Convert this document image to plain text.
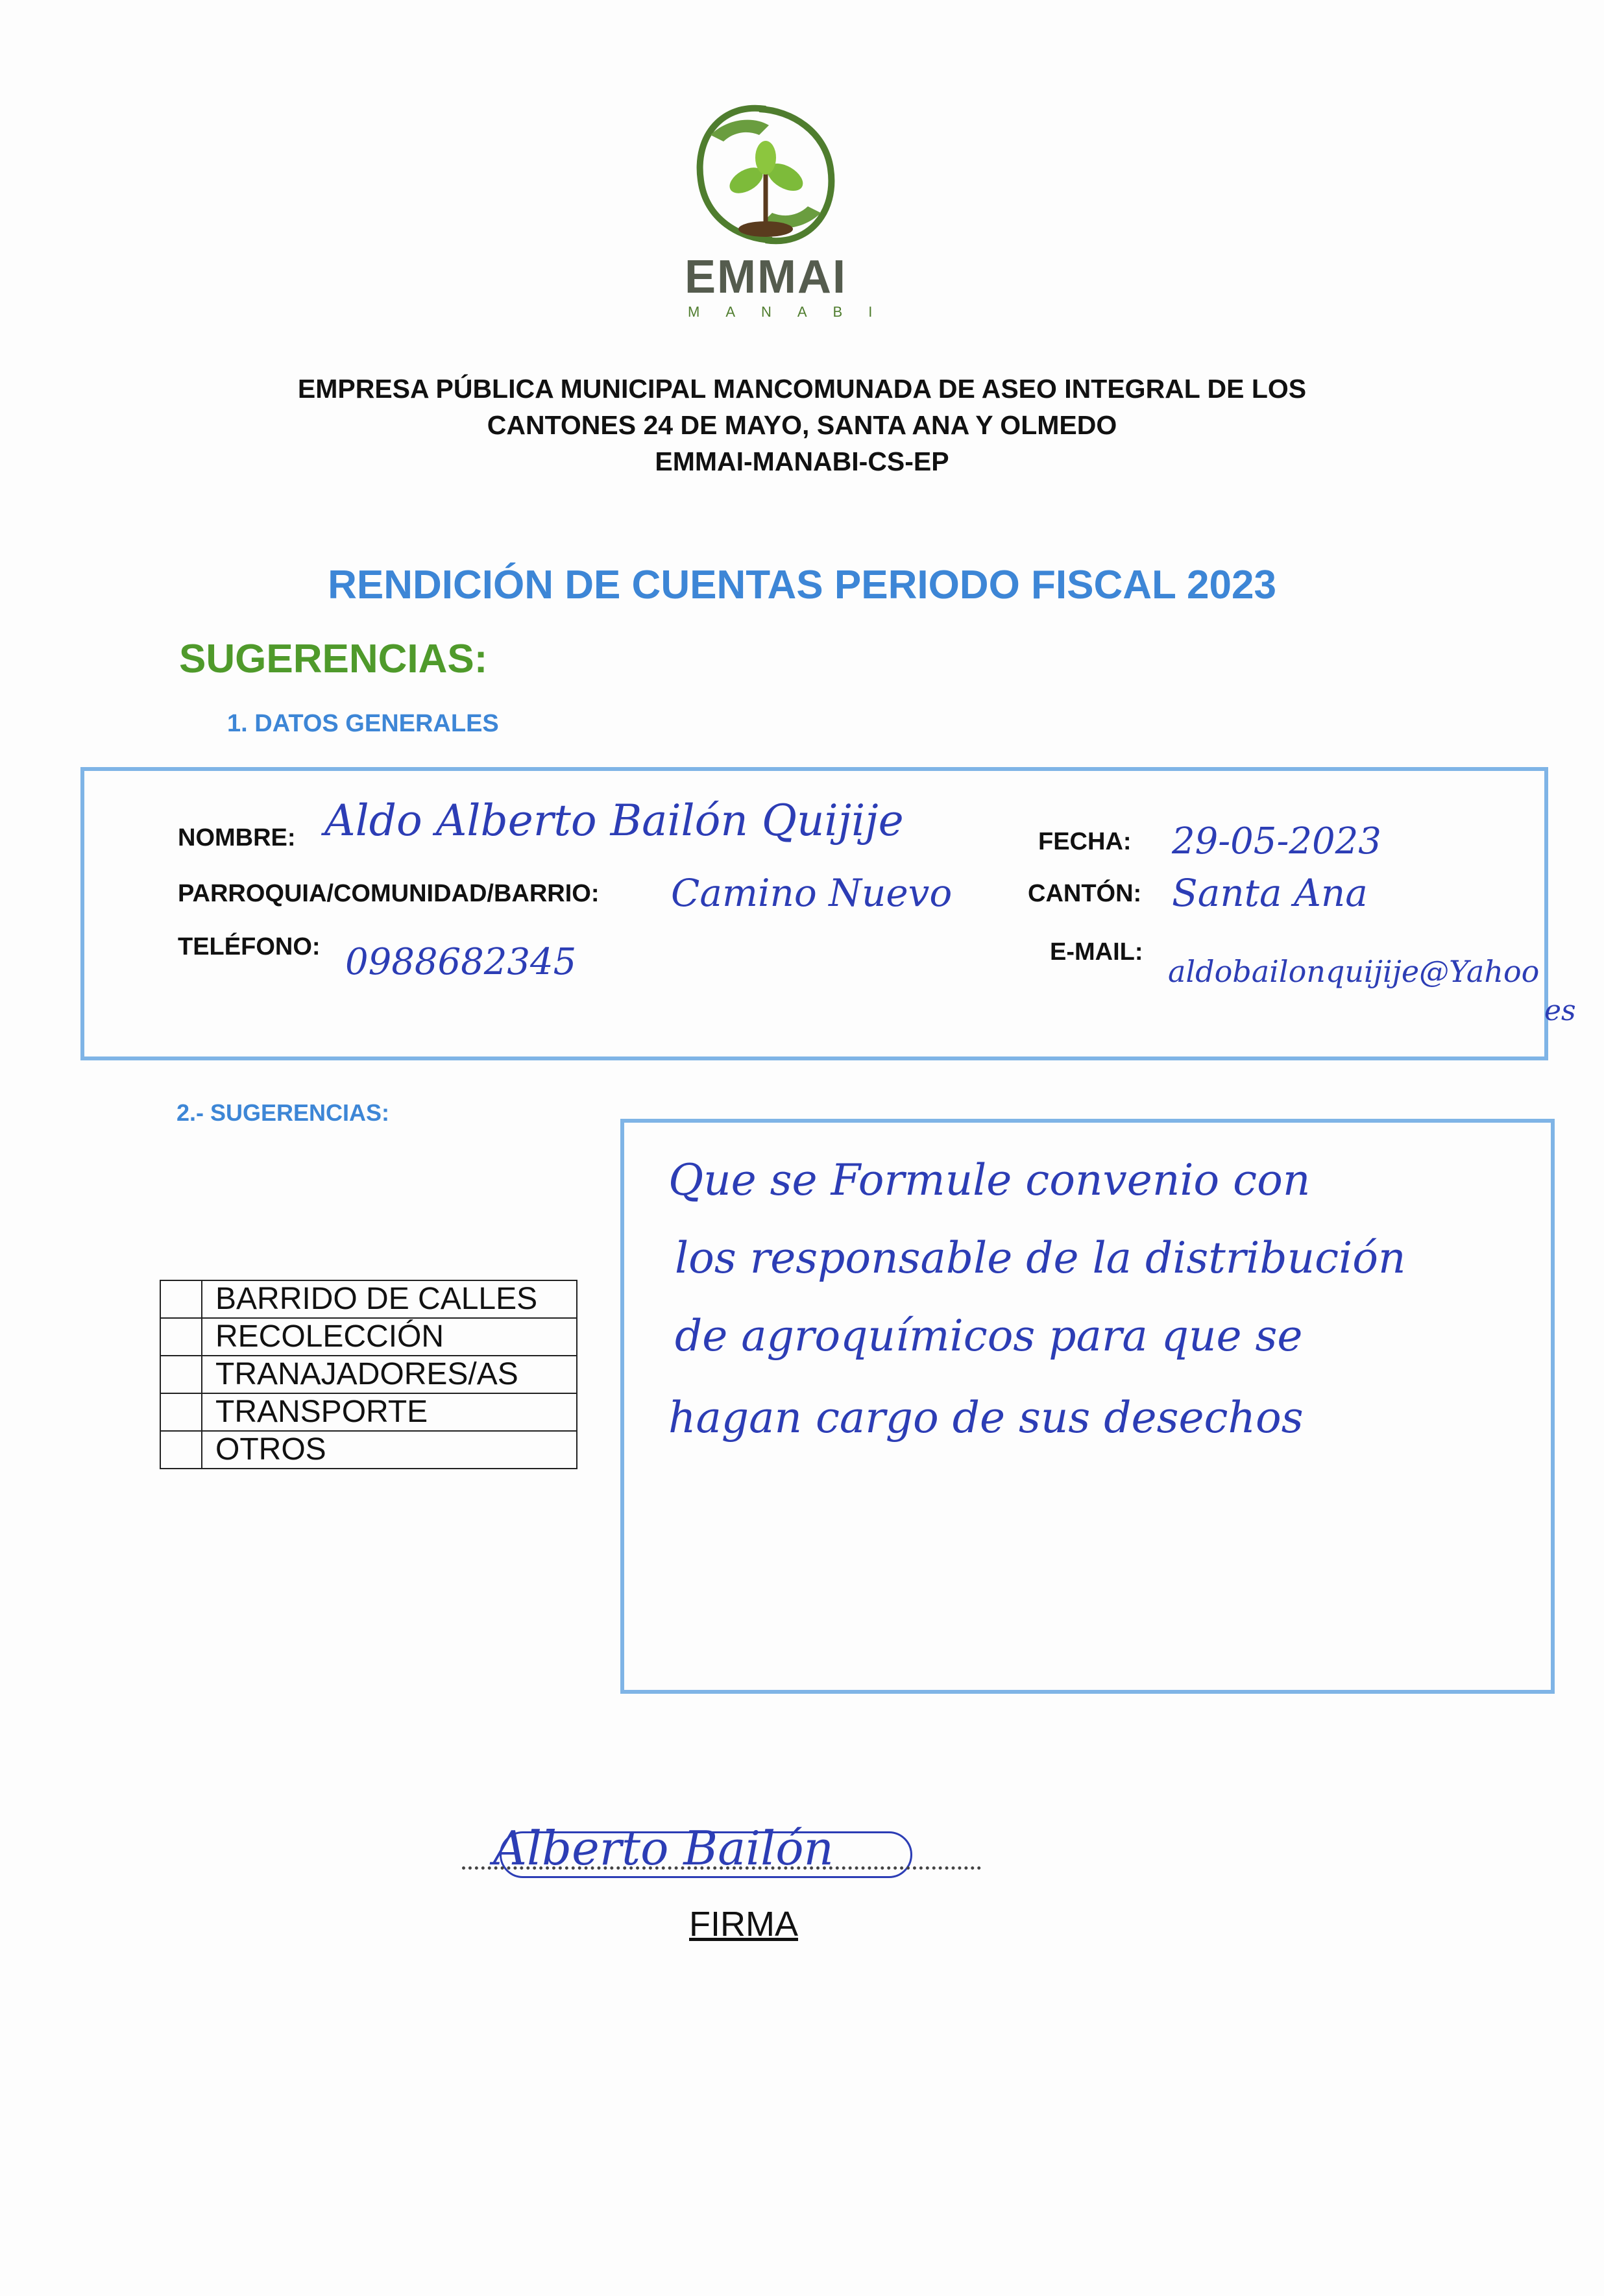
EMMAI
MANABI
EMPRESA PÚBLICA MUNICIPAL MANCOMUNADA DE ASEO INTEGRAL DE LOS
CANTONES 24 DE MAYO, SANTA ANA Y OLMEDO
EMMAI-MANABI-CS-EP
RENDICIÓN DE CUENTAS PERIODO FISCAL 2023
SUGERENCIAS:
1. DATOS GENERALES
NOMBRE: Aldo Alberto Bailón Quijije	FECHA: 29-05-2023
PARROQUIA/COMUNIDAD/BARRIO: Camino Nuevo	CANTÓN: Santa Ana
TELÉFONO: 0988682345	E-MAIL:
aldobailonquijije@Yahoo
es
2.- SUGERENCIAS:
	BARRIDO DE CALLES
	RECOLECCIÓN
	TRANAJADORES/AS
	TRANSPORTE
	OTROS
Que se Formule convenio con
los responsable de la distribución
de agroquímicos para que se
hagan cargo de sus desechos
Alberto Bailón
FIRMA
